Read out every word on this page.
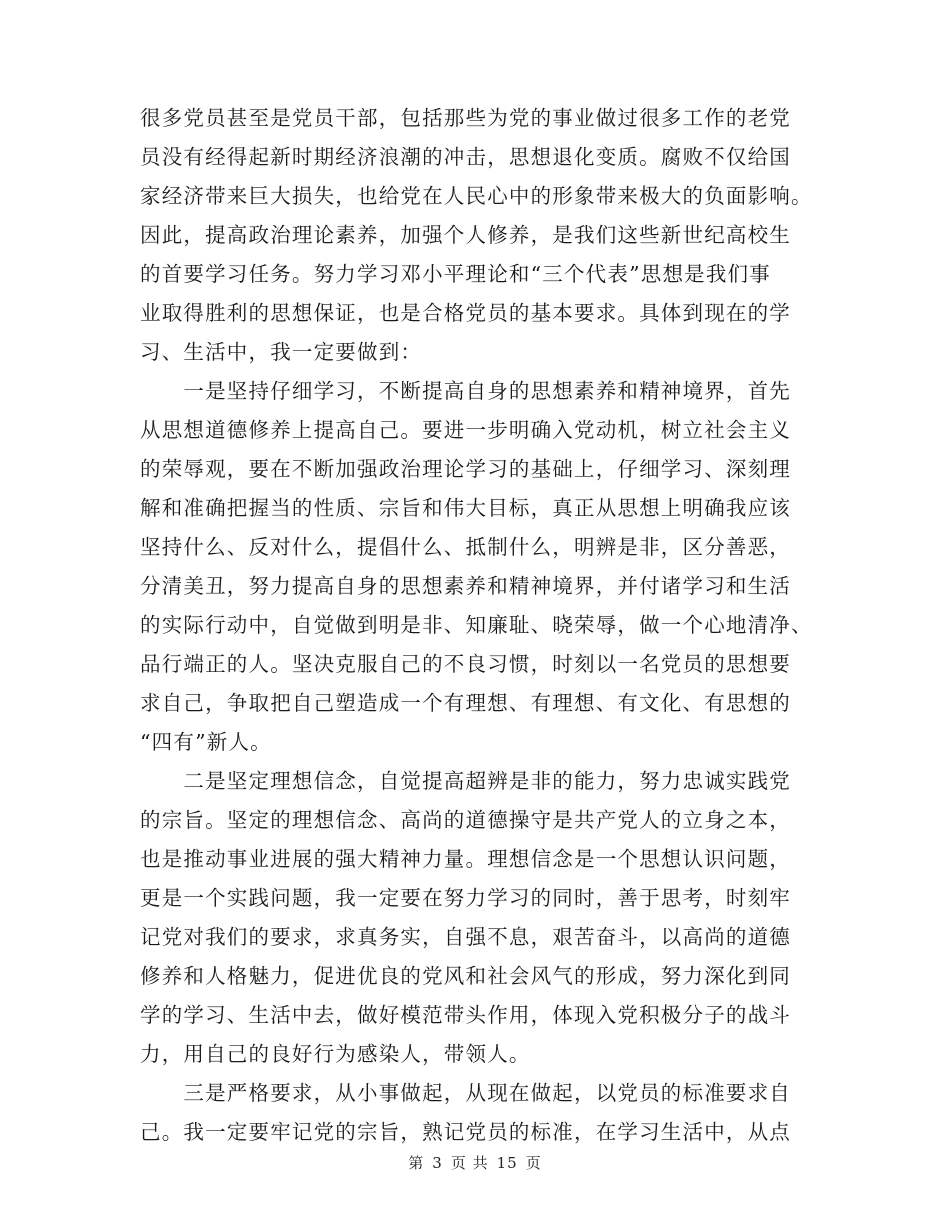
很多党员甚至是党员干部，包括那些为党的事业做过很多工作的老党
员没有经得起新时期经济浪潮的冲击，思想退化变质。腐败不仅给国
家经济带来巨大损失，也给党在人民心中的形象带来极大的负面影响。
因此，提高政治理论素养，加强个人修养，是我们这些新世纪高校生
的首要学习任务。努力学习邓小平理论和“三个代表”思想是我们事
业取得胜利的思想保证，也是合格党员的基本要求。具体到现在的学
习、生活中，我一定要做到：
　　一是坚持仔细学习，不断提高自身的思想素养和精神境界，首先
从思想道德修养上提高自己。要进一步明确入党动机，树立社会主义
的荣辱观，要在不断加强政治理论学习的基础上，仔细学习、深刻理
解和准确把握当的性质、宗旨和伟大目标，真正从思想上明确我应该
坚持什么、反对什么，提倡什么、抵制什么，明辨是非，区分善恶，
分清美丑，努力提高自身的思想素养和精神境界，并付诸学习和生活
的实际行动中，自觉做到明是非、知廉耻、晓荣辱，做一个心地清净、
品行端正的人。坚决克服自己的不良习惯，时刻以一名党员的思想要
求自己，争取把自己塑造成一个有理想、有理想、有文化、有思想的
“四有”新人。
　　二是坚定理想信念，自觉提高超辨是非的能力，努力忠诚实践党
的宗旨。坚定的理想信念、高尚的道德操守是共产党人的立身之本，
也是推动事业进展的强大精神力量。理想信念是一个思想认识问题，
更是一个实践问题，我一定要在努力学习的同时，善于思考，时刻牢
记党对我们的要求，求真务实，自强不息，艰苦奋斗，以高尚的道德
修养和人格魅力，促进优良的党风和社会风气的形成，努力深化到同
学的学习、生活中去，做好模范带头作用，体现入党积极分子的战斗
力，用自己的良好行为感染人，带领人。
　　三是严格要求，从小事做起，从现在做起，以党员的标准要求自
己。我一定要牢记党的宗旨，熟记党员的标准，在学习生活中，从点
第 3 页 共 15 页
